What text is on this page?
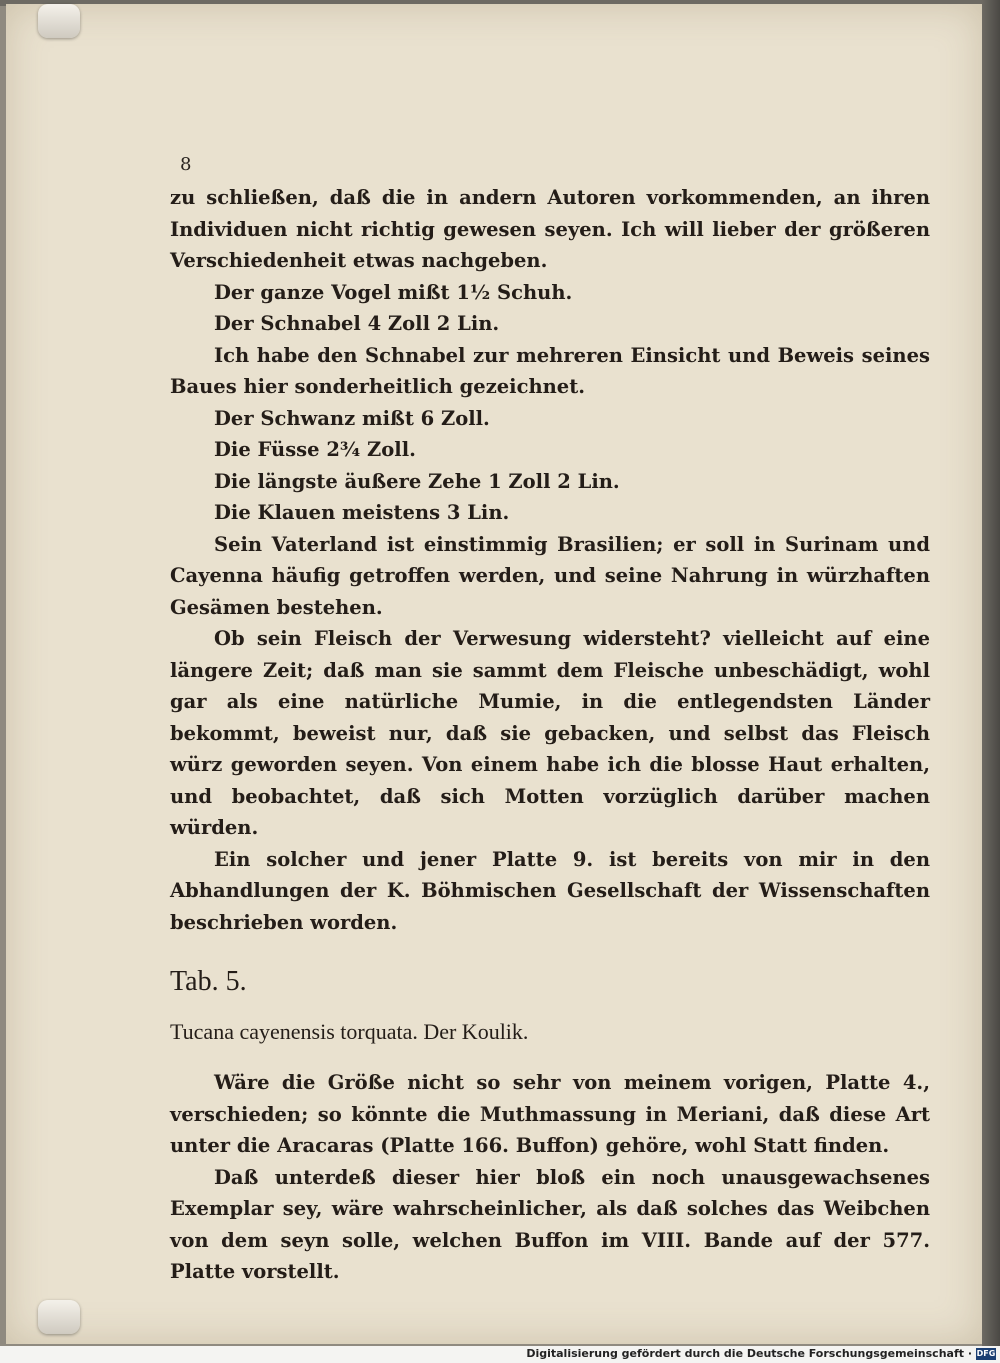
8

zu schließen, daß die in andern Autoren vorkommenden, an ihren Individuen nicht richtig gewesen seyen. Ich will lieber der größeren Verschiedenheit etwas nachgeben.

Der ganze Vogel mißt 1½ Schuh.

Der Schnabel 4 Zoll 2 Lin.

Ich habe den Schnabel zur mehreren Einsicht und Beweis seines Baues hier sonderheitlich gezeichnet.

Der Schwanz mißt 6 Zoll.

Die Füsse 2¾ Zoll.

Die längste äußere Zehe 1 Zoll 2 Lin.

Die Klauen meistens 3 Lin.

Sein Vaterland ist einstimmig Brasilien; er soll in Surinam und Cayenna häufig getroffen werden, und seine Nahrung in würzhaften Gesämen bestehen.

Ob sein Fleisch der Verwesung widersteht? vielleicht auf eine längere Zeit; daß man sie sammt dem Fleische unbeschädigt, wohl gar als eine natürliche Mumie, in die entlegendsten Länder bekommt, beweist nur, daß sie gebacken, und selbst das Fleisch würz geworden seyen. Von einem habe ich die blosse Haut erhalten, und beobachtet, daß sich Motten vorzüglich darüber machen würden.

Ein solcher und jener Platte 9. ist bereits von mir in den Abhandlungen der K. Böhmischen Gesellschaft der Wissenschaften beschrieben worden.

Tab. 5.

Tucana cayenensis torquata. Der Koulik.

Wäre die Größe nicht so sehr von meinem vorigen, Platte 4., verschieden; so könnte die Muthmassung in Meriani, daß diese Art unter die Aracaras (Platte 166. Buffon) gehöre, wohl Statt finden.

Daß unterdeß dieser hier bloß ein noch unausgewachsenes Exemplar sey, wäre wahrscheinlicher, als daß solches das Weibchen von dem seyn solle, welchen Buffon im VIII. Bande auf der 577. Platte vorstellt.

Digitalisierung gefördert durch die Deutsche Forschungsgemeinschaft · DFG
